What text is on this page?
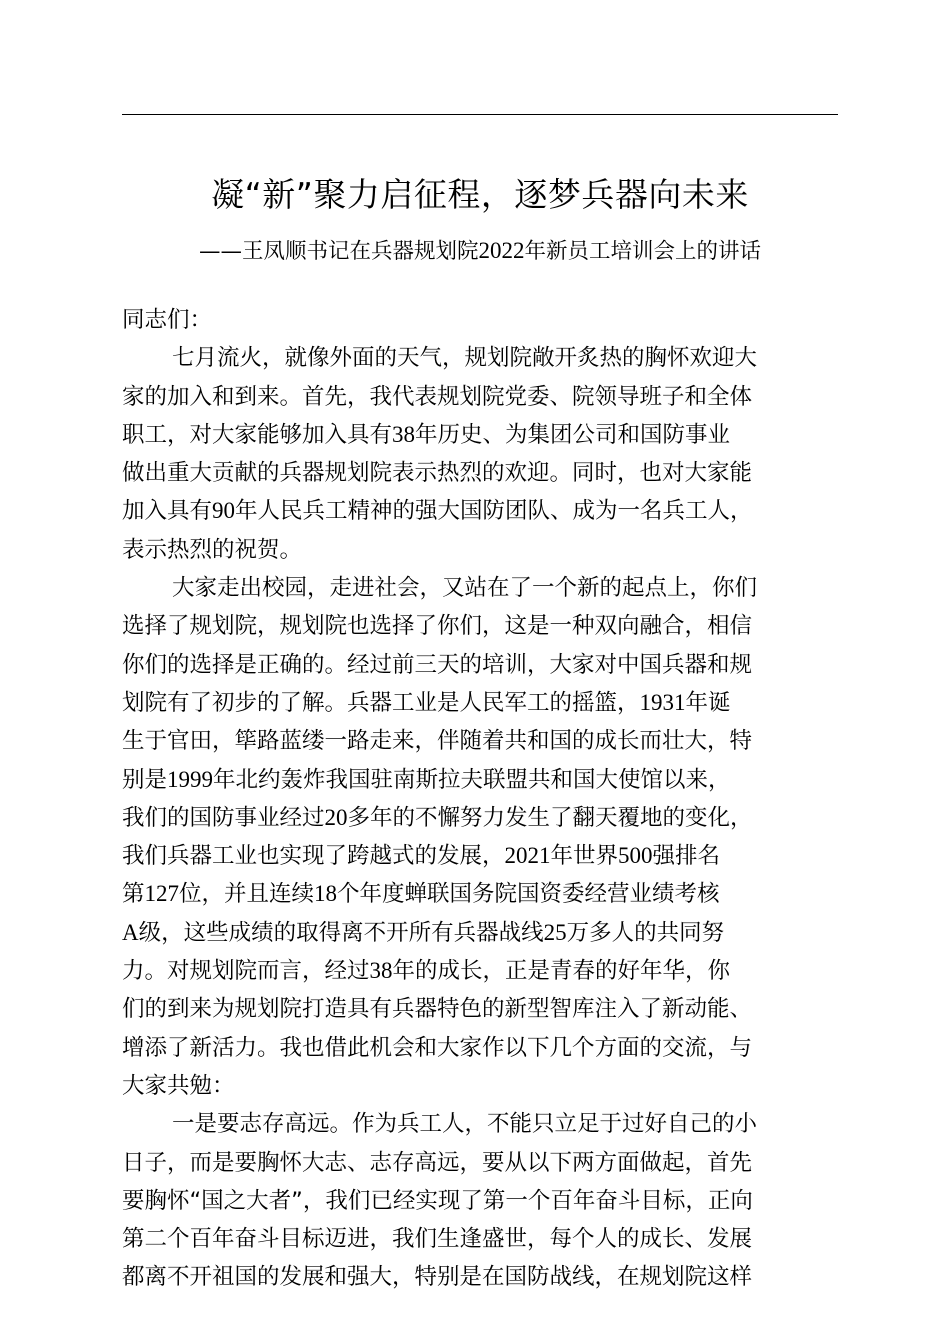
凝“新”聚力启征程，逐梦兵器向未来
——王凤顺书记在兵器规划院2022年新员工培训会上的讲话
同志们：
七月流火，就像外面的天气，规划院敞开炙热的胸怀欢迎大
家的加入和到来。首先，我代表规划院党委、院领导班子和全体
职工，对大家能够加入具有38年历史、为集团公司和国防事业
做出重大贡献的兵器规划院表示热烈的欢迎。同时，也对大家能
加入具有90年人民兵工精神的强大国防团队、成为一名兵工人，
表示热烈的祝贺。
大家走出校园，走进社会，又站在了一个新的起点上，你们
选择了规划院，规划院也选择了你们，这是一种双向融合，相信
你们的选择是正确的。经过前三天的培训，大家对中国兵器和规
划院有了初步的了解。兵器工业是人民军工的摇篮，1931年诞
生于官田，筚路蓝缕一路走来，伴随着共和国的成长而壮大，特
别是1999年北约轰炸我国驻南斯拉夫联盟共和国大使馆以来，
我们的国防事业经过20多年的不懈努力发生了翻天覆地的变化，
我们兵器工业也实现了跨越式的发展，2021年世界500强排名
第127位，并且连续18个年度蝉联国务院国资委经营业绩考核
A级，这些成绩的取得离不开所有兵器战线25万多人的共同努
力。对规划院而言，经过38年的成长，正是青春的好年华，你
们的到来为规划院打造具有兵器特色的新型智库注入了新动能、
增添了新活力。我也借此机会和大家作以下几个方面的交流，与
大家共勉：
一是要志存高远。作为兵工人，不能只立足于过好自己的小
日子，而是要胸怀大志、志存高远，要从以下两方面做起，首先
要胸怀“国之大者”，我们已经实现了第一个百年奋斗目标，正向
第二个百年奋斗目标迈进，我们生逢盛世，每个人的成长、发展
都离不开祖国的发展和强大，特别是在国防战线，在规划院这样
